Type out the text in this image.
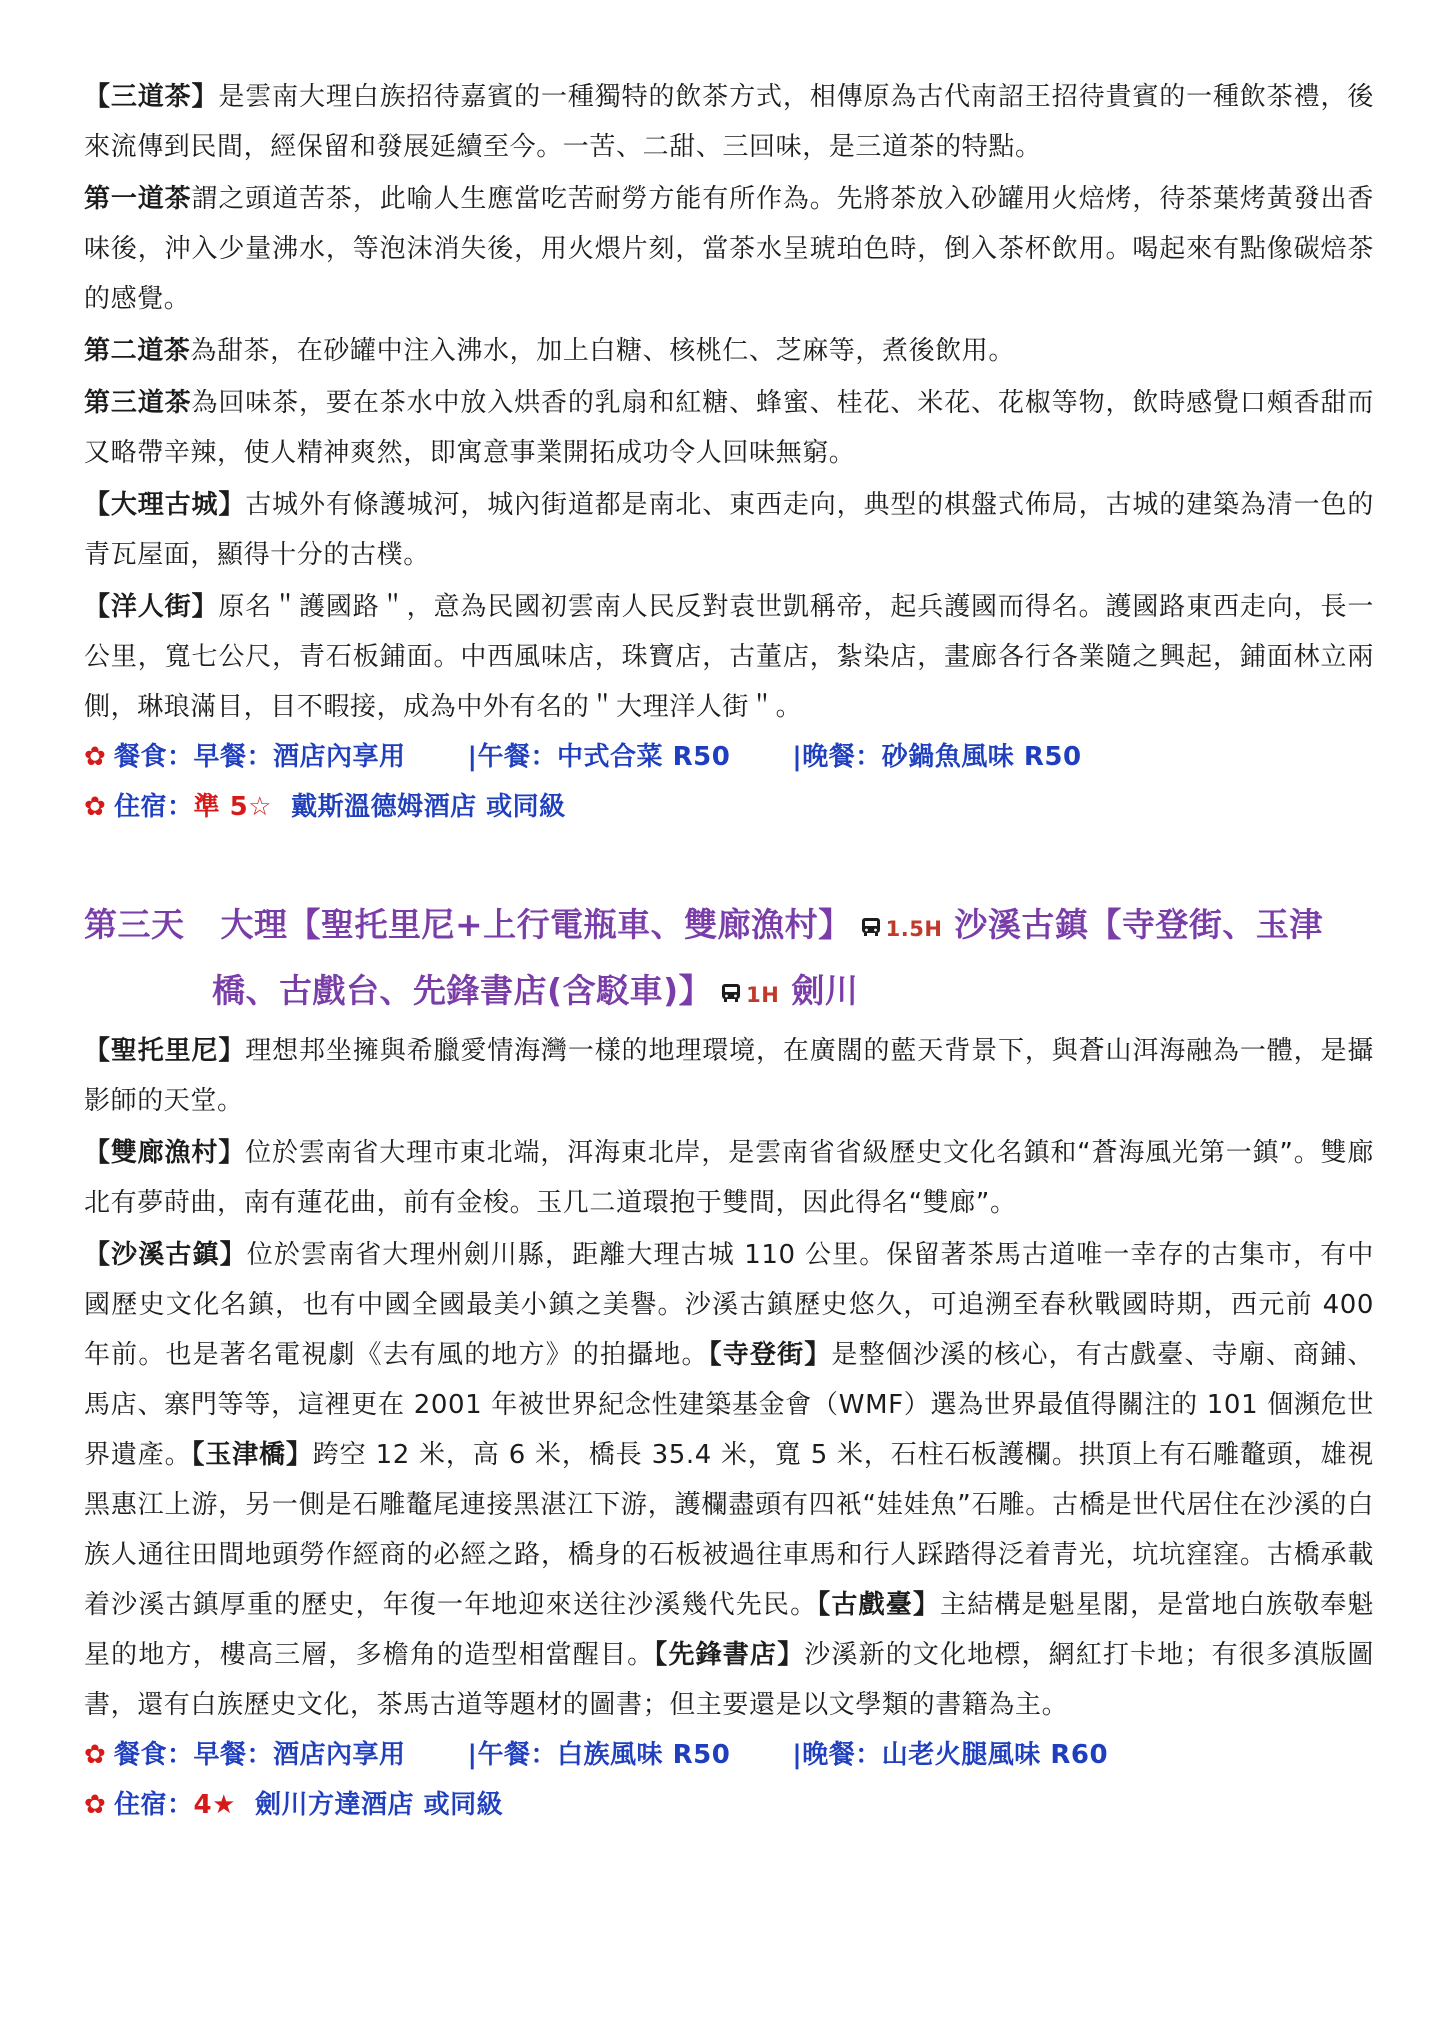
【三道茶】是雲南大理白族招待嘉賓的一種獨特的飲茶方式，相傳原為古代南詔王招待貴賓的一種飲茶禮，後來流傳到民間，經保留和發展延續至今。一苦、二甜、三回味，是三道茶的特點。

第一道茶謂之頭道苦茶，此喻人生應當吃苦耐勞方能有所作為。先將茶放入砂罐用火焙烤，待茶葉烤黃發出香味後，沖入少量沸水，等泡沫消失後，用火煨片刻，當茶水呈琥珀色時，倒入茶杯飲用。喝起來有點像碳焙茶的感覺。

第二道茶為甜茶，在砂罐中注入沸水，加上白糖、核桃仁、芝麻等，煮後飲用。

第三道茶為回味茶，要在茶水中放入烘香的乳扇和紅糖、蜂蜜、桂花、米花、花椒等物，飲時感覺口頰香甜而又略帶辛辣，使人精神爽然，即寓意事業開拓成功令人回味無窮。

【大理古城】古城外有條護城河，城內街道都是南北、東西走向，典型的棋盤式佈局，古城的建築為清一色的青瓦屋面，顯得十分的古樸。

【洋人街】原名＂護國路＂，意為民國初雲南人民反對袁世凱稱帝，起兵護國而得名。護國路東西走向，長一公里，寬七公尺，青石板鋪面。中西風味店，珠寶店，古董店，紮染店，畫廊各行各業隨之興起，鋪面林立兩側，琳琅滿目，目不暇接，成為中外有名的＂大理洋人街＂。

✿ 餐食：早餐：酒店內享用 |午餐：中式合菜 R50 |晚餐：砂鍋魚風味 R50
✿ 住宿：準 5☆ 戴斯溫德姆酒店 或同級
第三天 大理【聖托里尼+上行電瓶車、雙廊漁村】 1.5H 沙溪古鎮【寺登街、玉津
橋、古戲台、先鋒書店(含駁車)】 1H 劍川

【聖托里尼】理想邦坐擁與希臘愛情海灣一樣的地理環境，在廣闊的藍天背景下，與蒼山洱海融為一體，是攝影師的天堂。

【雙廊漁村】位於雲南省大理市東北端，洱海東北岸，是雲南省省級歷史文化名鎮和“蒼海風光第一鎮”。雙廊北有夢莳曲，南有蓮花曲，前有金梭。玉几二道環抱于雙間，因此得名“雙廊”。

【沙溪古鎮】位於雲南省大理州劍川縣，距離大理古城 110 公里。保留著茶馬古道唯一幸存的古集市，有中國歷史文化名鎮，也有中國全國最美小鎮之美譽。沙溪古鎮歷史悠久，可追溯至春秋戰國時期，西元前 400 年前。也是著名電視劇《去有風的地方》的拍攝地。【寺登街】是整個沙溪的核心，有古戲臺、寺廟、商鋪、馬店、寨門等等，這裡更在 2001 年被世界紀念性建築基金會（WMF）選為世界最值得關注的 101 個瀕危世界遺產。【玉津橋】跨空 12 米，高 6 米，橋長 35.4 米，寬 5 米，石柱石板護欄。拱頂上有石雕鼇頭，雄視黑惠江上游，另一側是石雕鼇尾連接黑湛江下游，護欄盡頭有四衹“娃娃魚”石雕。古橋是世代居住在沙溪的白族人通往田間地頭勞作經商的必經之路，橋身的石板被過往車馬和行人踩踏得泛着青光，坑坑窪窪。古橋承載着沙溪古鎮厚重的歷史，年復一年地迎來送往沙溪幾代先民。【古戲臺】主結構是魁星閣，是當地白族敬奉魁星的地方，樓高三層，多檐角的造型相當醒目。【先鋒書店】沙溪新的文化地標，網紅打卡地；有很多滇版圖書，還有白族歷史文化，茶馬古道等題材的圖書；但主要還是以文學類的書籍為主。

✿ 餐食：早餐：酒店內享用 |午餐：白族風味 R50 |晚餐：山老火腿風味 R60
✿ 住宿：4★ 劍川方達酒店 或同級
